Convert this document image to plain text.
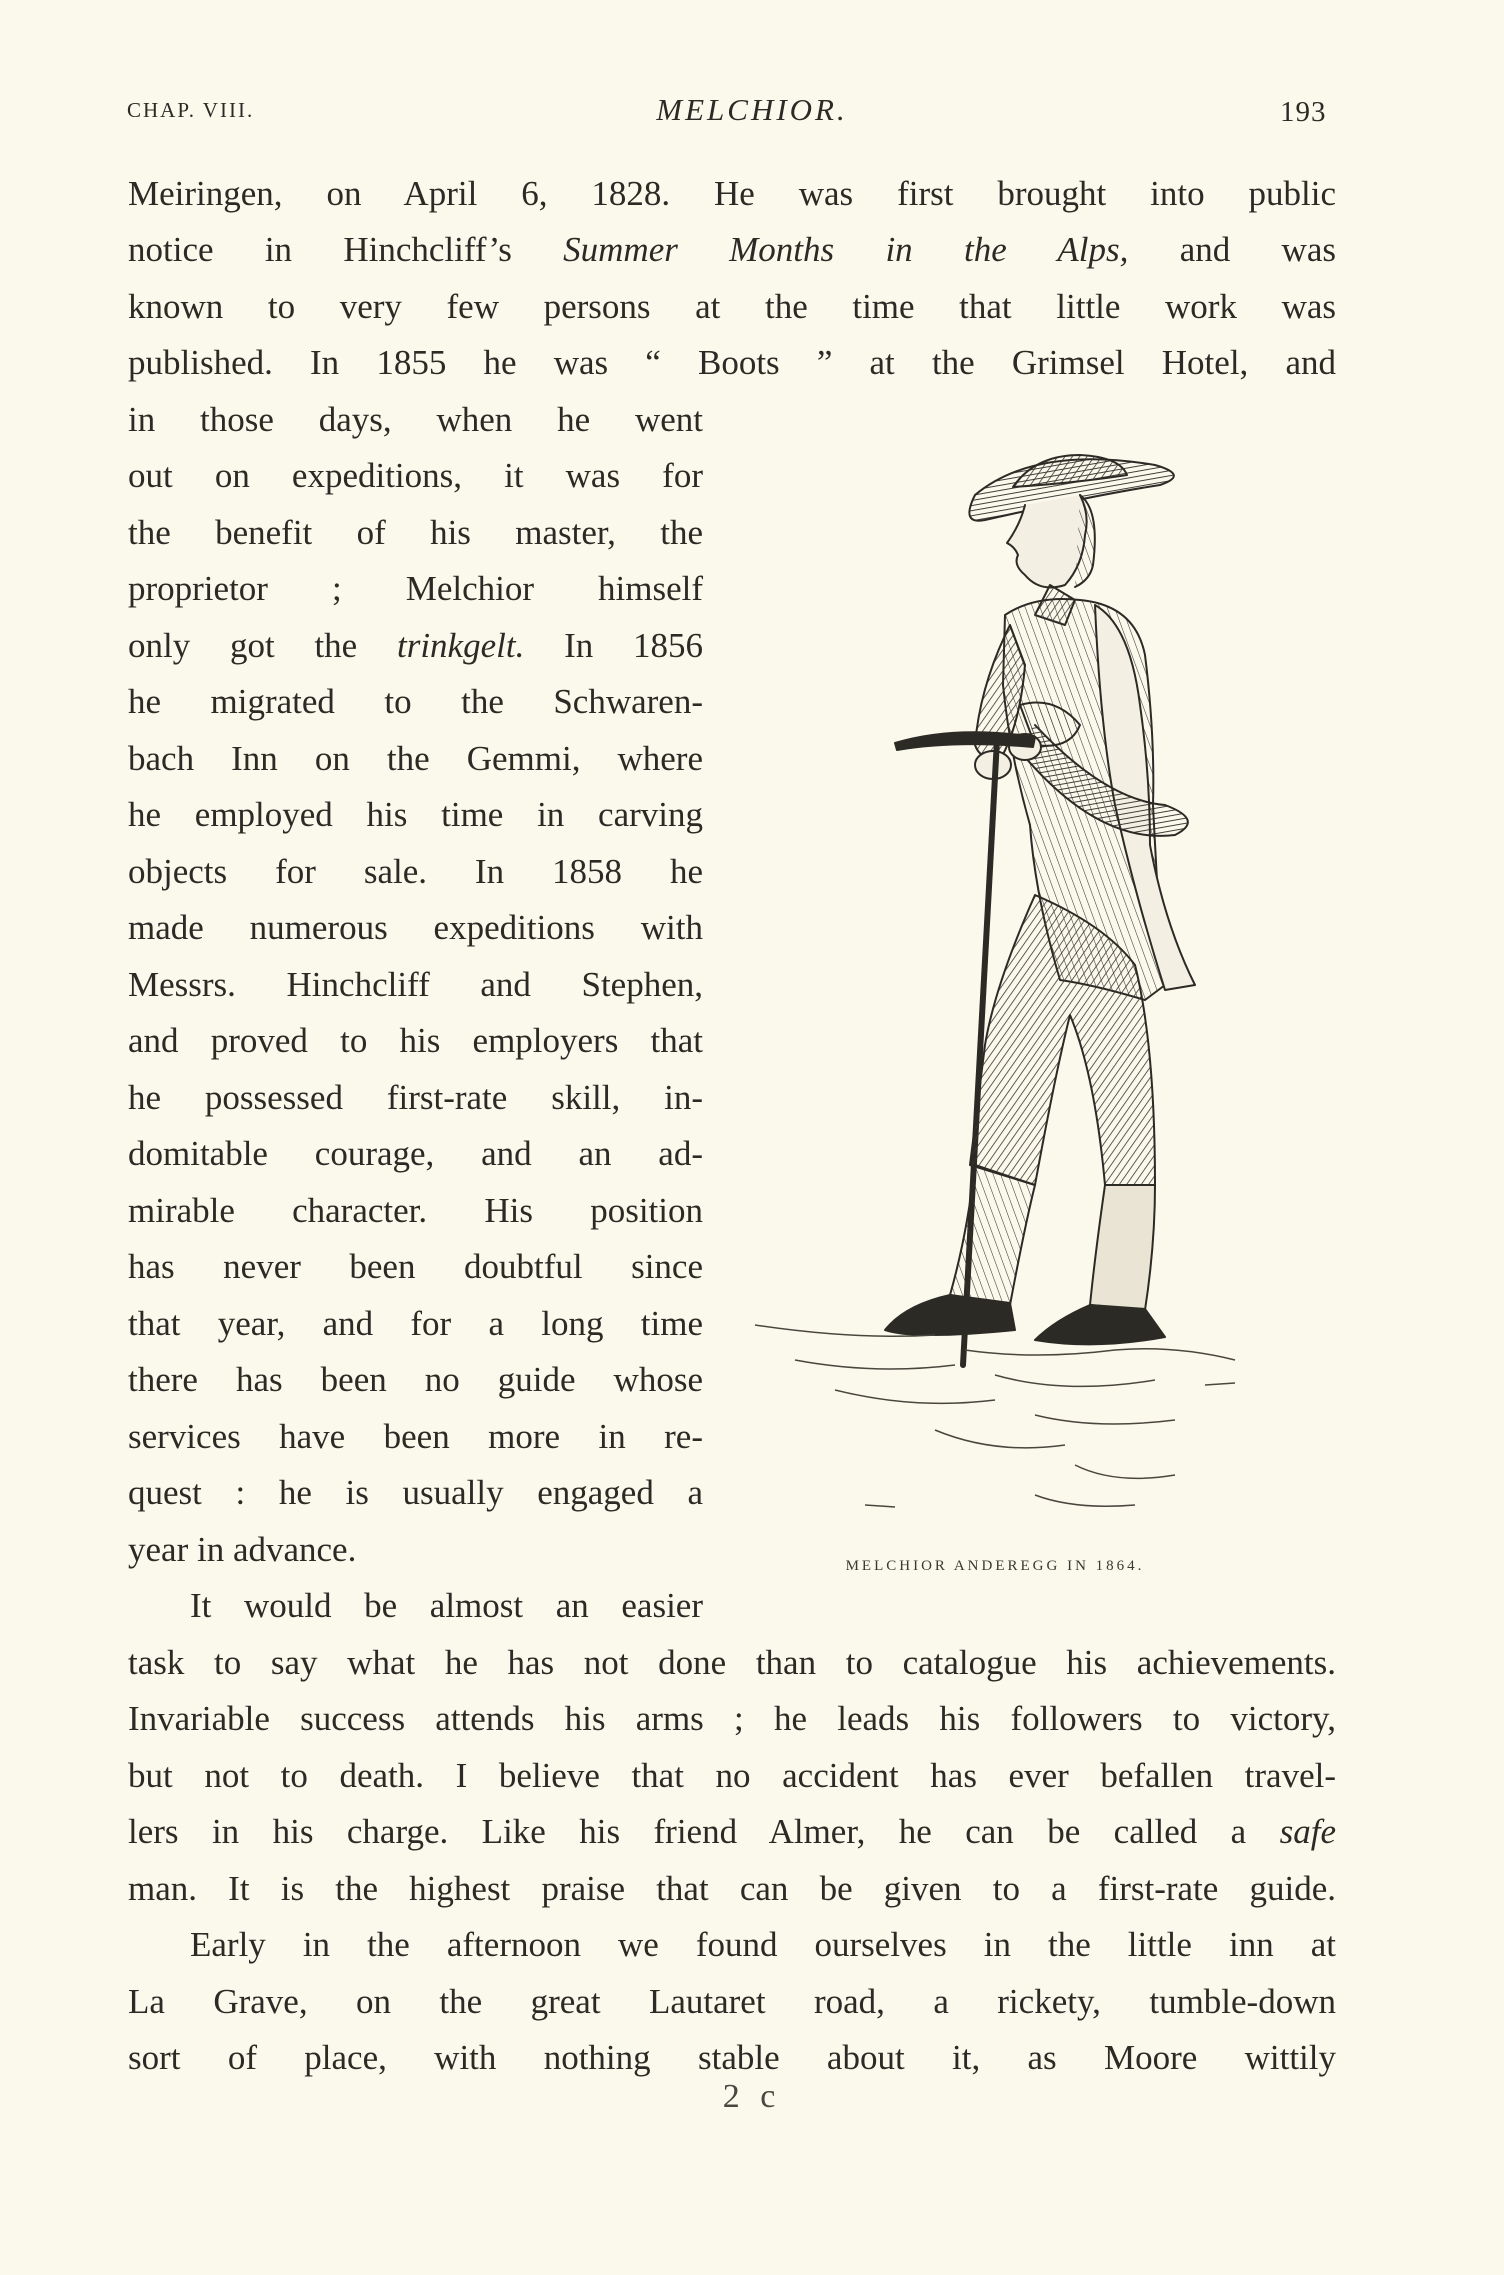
CHAP. VIII.	MELCHIOR.	193
Meiringen, on April 6, 1828. He was first brought into public
notice in Hinchcliff’s Summer Months in the Alps, and was
known to very few persons at the time that little work was
published. In 1855 he was “ Boots ” at the Grimsel Hotel, and
in those days, when he went
out on expeditions, it was for
the benefit of his master, the
proprietor ; Melchior himself
only got the trinkgelt. In 1856
he migrated to the Schwaren-
bach Inn on the Gemmi, where
he employed his time in carving
objects for sale. In 1858 he
made numerous expeditions with
Messrs. Hinchcliff and Stephen,
and proved to his employers that
he possessed first-rate skill, in-
domitable courage, and an ad-
mirable character. His position
has never been doubtful since
that year, and for a long time
there has been no guide whose
services have been more in re-
quest : he is usually engaged a
year in advance.
It would be almost an easier
task to say what he has not done than to catalogue his achievements.
Invariable success attends his arms ; he leads his followers to victory,
but not to death. I believe that no accident has ever befallen travel-
lers in his charge. Like his friend Almer, he can be called a safe
man. It is the highest praise that can be given to a first-rate guide.
Early in the afternoon we found ourselves in the little inn at
La Grave, on the great Lautaret road, a rickety, tumble-down
sort of place, with nothing stable about it, as Moore wittily
MELCHIOR ANDEREGG IN 1864.
2 c
